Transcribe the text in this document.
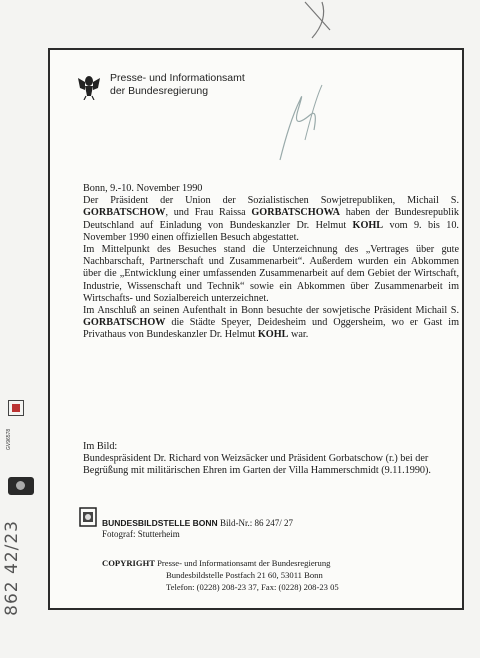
GV96578
862 42/23
Presse- und Informationsamt
der Bundesregierung

Bonn, 9.-10. November 1990

Der Präsident der Union der Sozialistischen Sowjetrepubliken, Michail S. GORBATSCHOW, und Frau Raissa GORBATSCHOWA haben der Bundesrepublik Deutschland auf Einladung von Bundeskanzler Dr. Helmut KOHL vom 9. bis 10. November 1990 einen offiziellen Besuch abgestattet.

Im Mittelpunkt des Besuches stand die Unterzeichnung des „Vertrages über gute Nachbarschaft, Partnerschaft und Zusammenarbeit“. Außerdem wurden ein Abkommen über die „Entwicklung einer umfassenden Zusammenarbeit auf dem Gebiet der Wirtschaft, Industrie, Wissenschaft und Technik“ sowie ein Abkommen über Zusammenarbeit im Wirtschafts- und Sozialbereich unterzeichnet.

Im Anschluß an seinen Aufenthalt in Bonn besuchte der sowjetische Präsident Michail S. GORBATSCHOW die Städte Speyer, Deidesheim und Oggersheim, wo er Gast im Privathaus von Bundeskanzler Dr. Helmut KOHL war.

Im Bild:

Bundespräsident Dr. Richard von Weizsäcker und Präsident Gorbatschow (r.) bei der Begrüßung mit militärischen Ehren im Garten der Villa Hammerschmidt (9.11.1990).

BUNDESBILDSTELLE BONN Bild-Nr.: 86 247/ 27
Fotograf: Stutterheim
COPYRIGHT Presse- und Informationsamt der Bundesregierung
Bundesbildstelle Postfach 21 60, 53011 Bonn
Telefon: (0228) 208-23 37, Fax: (0228) 208-23 05
